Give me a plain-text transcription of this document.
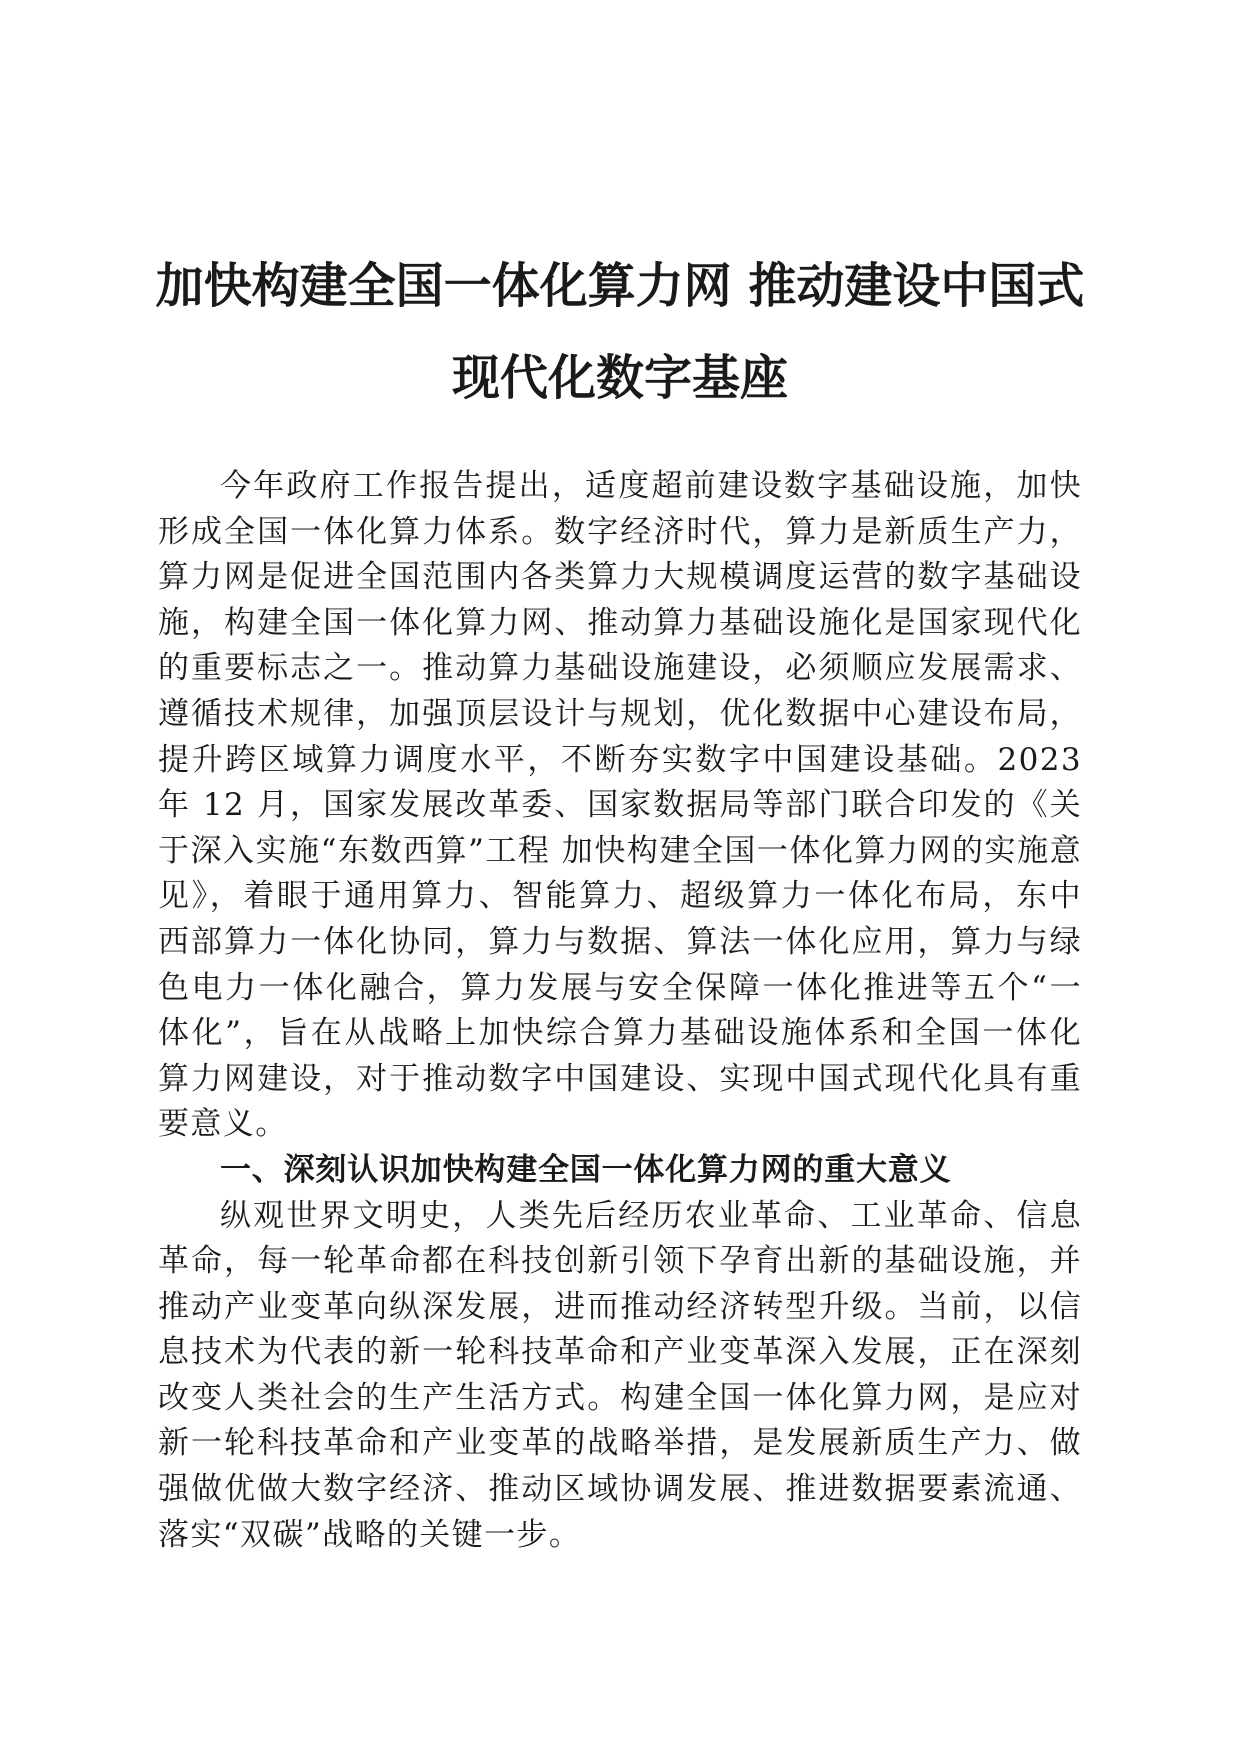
加快构建全国一体化算力网 推动建设中国式
现代化数字基座

今年政府工作报告提出，适度超前建设数字基础设施，加快形成全国一体化算力体系。数字经济时代，算力是新质生产力，算力网是促进全国范围内各类算力大规模调度运营的数字基础设施，构建全国一体化算力网、推动算力基础设施化是国家现代化的重要标志之一。推动算力基础设施建设，必须顺应发展需求、遵循技术规律，加强顶层设计与规划，优化数据中心建设布局，提升跨区域算力调度水平，不断夯实数字中国建设基础。2023 年 12 月，国家发展改革委、国家数据局等部门联合印发的《关于深入实施“东数西算”工程 加快构建全国一体化算力网的实施意见》，着眼于通用算力、智能算力、超级算力一体化布局，东中西部算力一体化协同，算力与数据、算法一体化应用，算力与绿色电力一体化融合，算力发展与安全保障一体化推进等五个“一体化”，旨在从战略上加快综合算力基础设施体系和全国一体化算力网建设，对于推动数字中国建设、实现中国式现代化具有重要意义。

一、深刻认识加快构建全国一体化算力网的重大意义

纵观世界文明史，人类先后经历农业革命、工业革命、信息革命，每一轮革命都在科技创新引领下孕育出新的基础设施，并推动产业变革向纵深发展，进而推动经济转型升级。当前，以信息技术为代表的新一轮科技革命和产业变革深入发展，正在深刻改变人类社会的生产生活方式。构建全国一体化算力网，是应对新一轮科技革命和产业变革的战略举措，是发展新质生产力、做强做优做大数字经济、推动区域协调发展、推进数据要素流通、落实“双碳”战略的关键一步。
